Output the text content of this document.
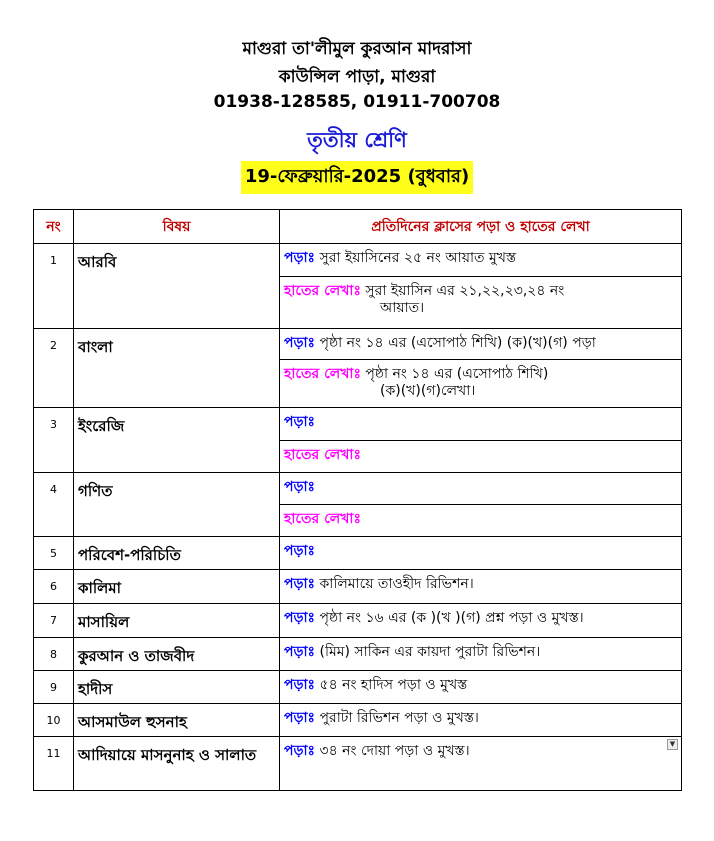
মাগুরা তা'লীমুল কুরআন মাদরাসা
কাউন্সিল পাড়া, মাগুরা
01938-128585, 01911-700708
তৃতীয় শ্রেণি
19-ফেব্রুয়ারি-2025 (বুধবার)
নং	বিষয়	প্রতিদিনের ক্লাসের পড়া ও হাতের লেখা
1	আরবি	পড়াঃ সুরা ইয়াসিনের ২৫ নং আয়াত মুখস্ত
		হাতের লেখাঃ সুরা ইয়াসিন এর ২১,২২,২৩,২৪ নং
আয়াত।

2	বাংলা	পড়াঃ পৃষ্ঠা নং ১৪ এর (এসোপাঠ শিখি) (ক)(খ)(গ) পড়া
		হাতের লেখাঃ পৃষ্ঠা নং ১৪ এর (এসোপাঠ শিখি)
(ক)(খ)(গ)লেখা।

3	ইংরেজি	পড়াঃ
		হাতের লেখাঃ
4	গণিত	পড়াঃ
		হাতের লেখাঃ
5	পরিবেশ-পরিচিতি	পড়াঃ
6	কালিমা	পড়াঃ কালিমায়ে তাওহীদ রিভিশন।
7	মাসায়িল	পড়াঃ পৃষ্ঠা নং ১৬ এর (ক )(খ )(গ) প্রশ্ন পড়া ও মুখস্ত।
8	কুরআন ও তাজবীদ	পড়াঃ (মিম) সাকিন এর কায়দা পুরাটা রিভিশন।
9	হাদীস	পড়াঃ ৫৪ নং হাদিস পড়া ও মুখস্ত
10	আসমাউল হুসনাহ	পড়াঃ পুরাটা রিভিশন পড়া ও মুখস্ত।
11	আদিয়ায়ে মাসনুনাহ ও সালাত	পড়াঃ ৩৪ নং দোয়া পড়া ও মুখস্ত। ▼
